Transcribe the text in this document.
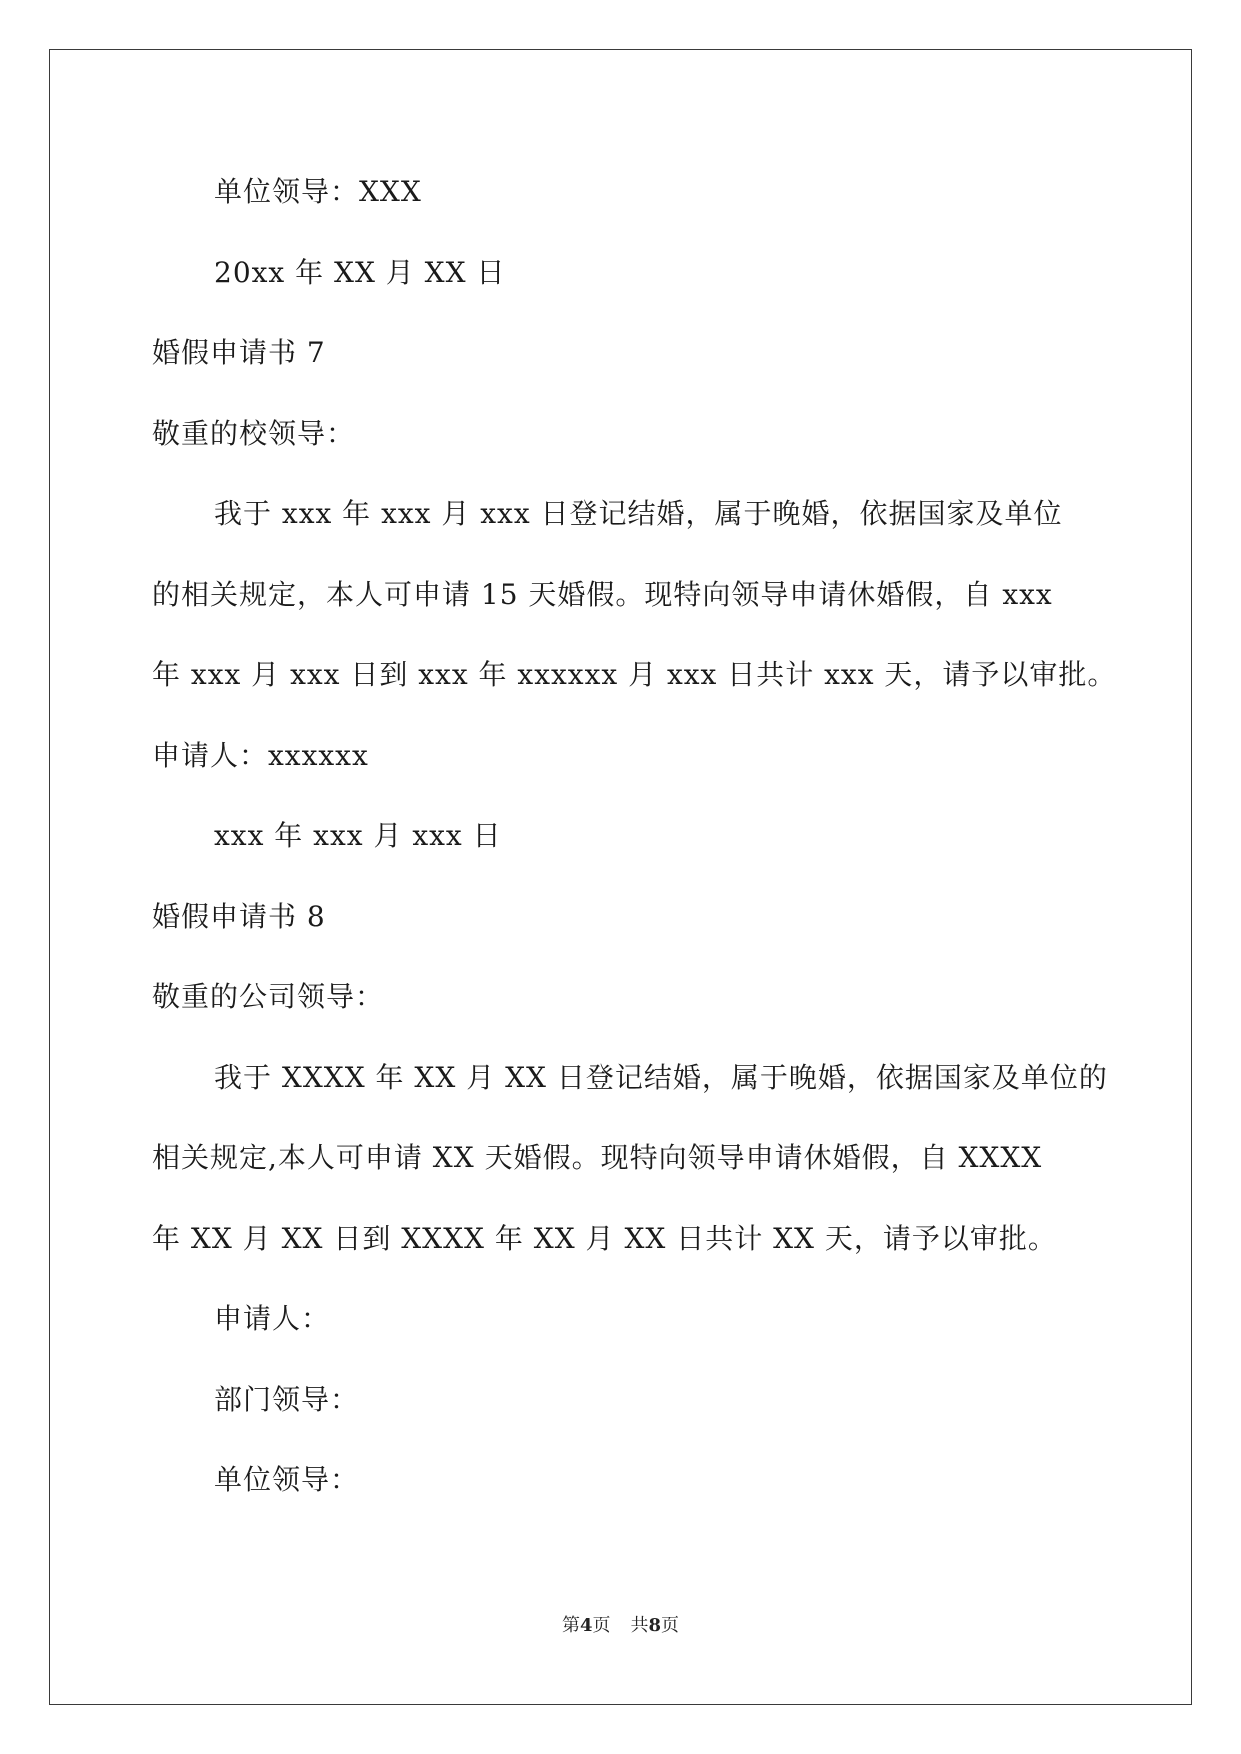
单位领导：XXX
20xx 年 XX 月 XX 日
婚假申请书 7
敬重的校领导：
我于 xxx 年 xxx 月 xxx 日登记结婚，属于晚婚，依据国家及单位
的相关规定，本人可申请 15 天婚假。现特向领导申请休婚假，自 xxx
年 xxx 月 xxx 日到 xxx 年 xxxxxx 月 xxx 日共计 xxx 天，请予以审批。
申请人：xxxxxx
xxx 年 xxx 月 xxx 日
婚假申请书 8
敬重的公司领导：
我于 XXXX 年 XX 月 XX 日登记结婚，属于晚婚，依据国家及单位的
相关规定,本人可申请 XX 天婚假。现特向领导申请休婚假，自 XXXX
年 XX 月 XX 日到 XXXX 年 XX 月 XX 日共计 XX 天，请予以审批。
申请人：
部门领导：
单位领导：
第4页 共8页
